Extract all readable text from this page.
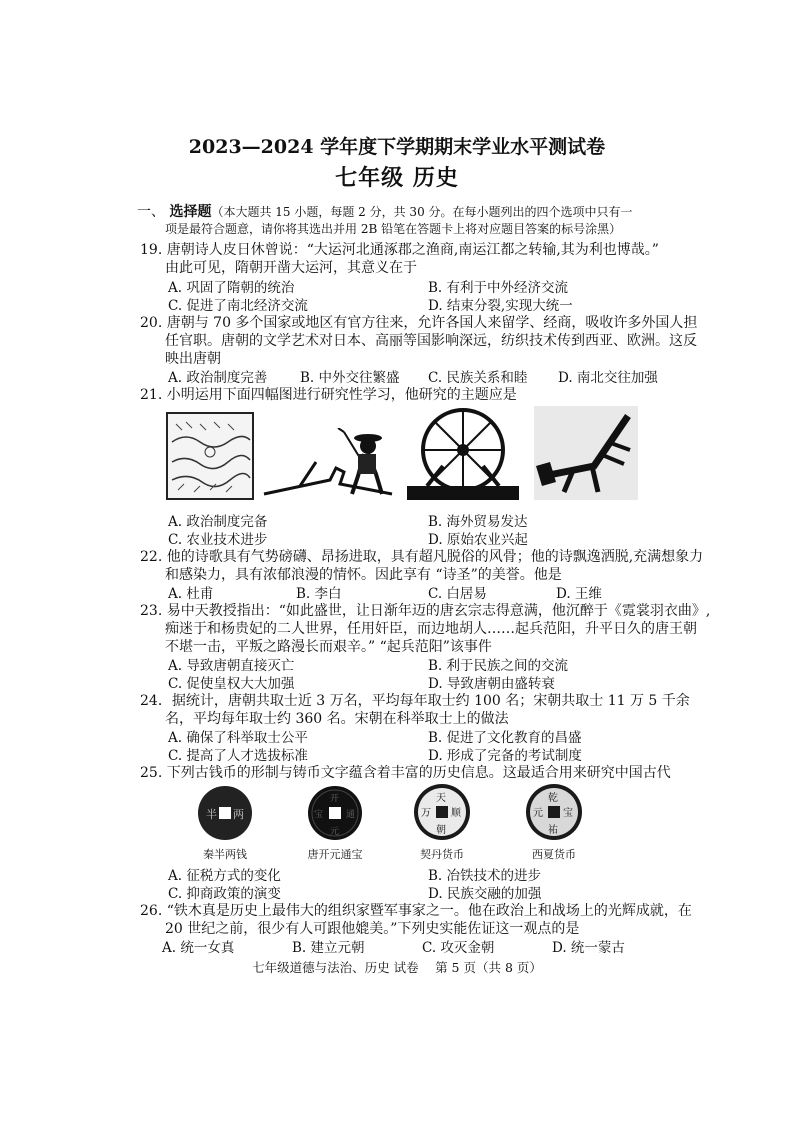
2023—2024 学年度下学期期末学业水平测试卷
七年级 历史
一、 选择题（本大题共 15 小题，每题 2 分，共 30 分。在每小题列出的四个选项中只有一
项是最符合题意，请你将其选出并用 2B 铅笔在答题卡上将对应题目答案的标号涂黑）
19. 唐朝诗人皮日休曾说：“大运河北通涿郡之渔商,南运江都之转输,其为利也博哉。”
由此可见，隋朝开凿大运河，其意义在于
A. 巩固了隋朝的统治	B. 有利于中外经济交流
C. 促进了南北经济交流	D. 结束分裂,实现大统一
20. 唐朝与 70 多个国家或地区有官方往来，允许各国人来留学、经商，吸收许多外国人担
任官职。唐朝的文学艺术对日本、高丽等国影响深远，纺织技术传到西亚、欧洲。这反
映出唐朝
A. 政治制度完善 B. 中外交往繁盛 C. 民族关系和睦 D. 南北交往加强
21. 小明运用下面四幅图进行研究性学习，他研究的主题应是
A. 政治制度完备	B. 海外贸易发达
C. 农业技术进步	D. 原始农业兴起
22. 他的诗歌具有气势磅礴、昂扬进取，具有超凡脱俗的风骨；他的诗飘逸洒脱,充满想象力
和感染力，具有浓郁浪漫的情怀。因此享有 “诗圣”的美誉。他是
A. 杜甫	B. 李白	C. 白居易	D. 王维
23. 易中天教授指出：“如此盛世，让日渐年迈的唐玄宗志得意满，他沉醉于《霓裳羽衣曲》,
痴迷于和杨贵妃的二人世界，任用奸臣，而边地胡人……起兵范阳，升平日久的唐王朝
不堪一击，平叛之路漫长而艰辛。” “起兵范阳”该事件
A. 导致唐朝直接灭亡	B. 利于民族之间的交流
C. 促使皇权大大加强	D. 导致唐朝由盛转衰
24．据统计，唐朝共取士近 3 万名，平均每年取士约 100 名；宋朝共取士 11 万 5 千余
名，平均每年取士约 360 名。宋朝在科举取士上的做法
A. 确保了科举取士公平	B. 促进了文化教育的昌盛
C. 提高了人才选拔标准	D. 形成了完备的考试制度
25. 下列古钱币的形制与铸币文字蕴含着丰富的历史信息。这最适合用来研究中国古代
半 两
开
元
通
宝
天
朝
万 顺
乾
祐
元 宝
秦半两钱	唐开元通宝	契丹货币	西夏货币
A. 征税方式的变化	B. 冶铁技术的进步
C. 抑商政策的演变	D. 民族交融的加强
26. “铁木真是历史上最伟大的组织家暨军事家之一。他在政治上和战场上的光辉成就，在
20 世纪之前，很少有人可跟他媲美。”下列史实能佐证这一观点的是
A. 统一女真	B. 建立元朝	C. 攻灭金朝	D. 统一蒙古
七年级道德与法治、历史 试卷　 第 5 页（共 8 页）
